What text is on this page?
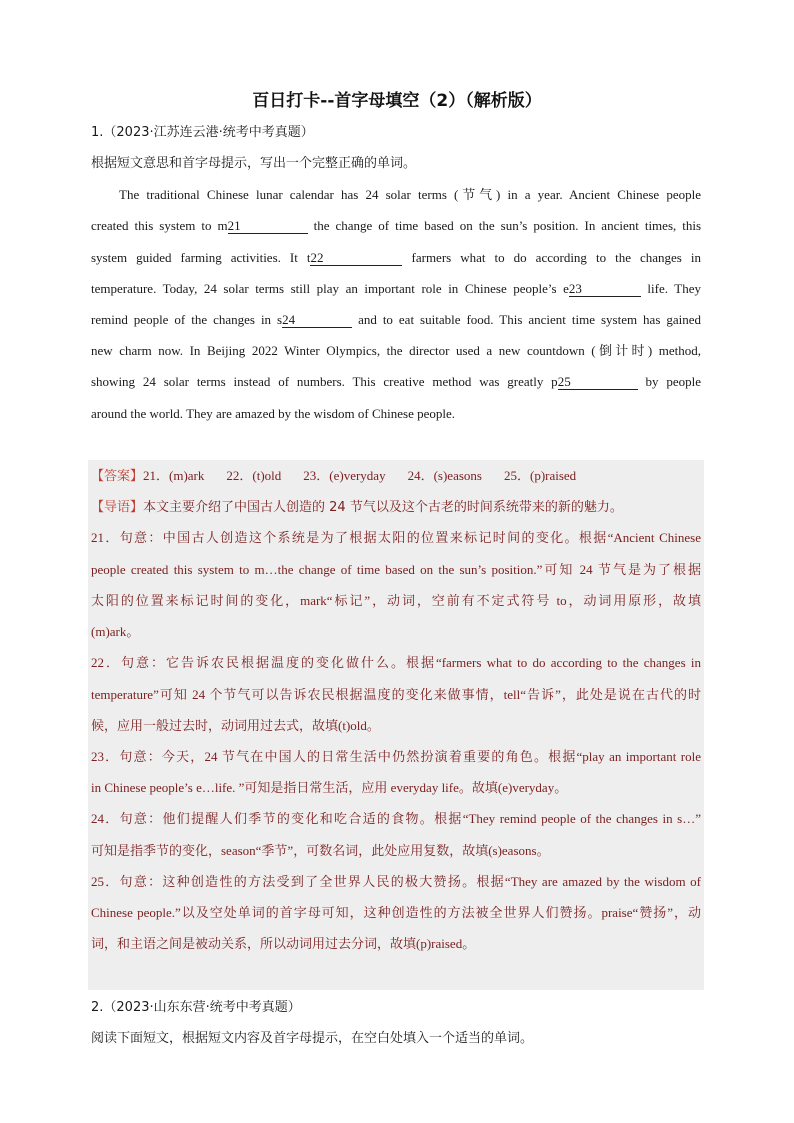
百日打卡--首字母填空（2）（解析版）
1.（2023·江苏连云港·统考中考真题）
根据短文意思和首字母提示，写出一个完整正确的单词。
The traditional Chinese lunar calendar has 24 solar terms (节气) in a year. Ancient Chinese people
created this system to m21	the change of time based on the sun’s position. In ancient times, this
system guided farming activities. It t22	farmers what to do according to the changes in
temperature. Today, 24 solar terms still play an important role in Chinese people’s e23	life. They
remind people of the changes in s24	and to eat suitable food. This ancient time system has gained
new charm now. In Beijing 2022 Winter Olympics, the director used a new countdown (倒计时) method,
showing 24 solar terms instead of numbers. This creative method was greatly p25	by people
around the world. They are amazed by the wisdom of Chinese people.
【答案】21．(m)ark 22．(t)old 23．(e)veryday 24．(s)easons 25．(p)raised
【导语】本文主要介绍了中国古人创造的 24 节气以及这个古老的时间系统带来的新的魅力。
21．句意：中国古人创造这个系统是为了根据太阳的位置来标记时间的变化。根据“Ancient Chinese
people created this system to m…the change of time based on the sun’s position.”可知 24 节气是为了根据
太阳的位置来标记时间的变化，mark“标记”，动词，空前有不定式符号 to，动词用原形，故填
(m)ark。
22．句意：它告诉农民根据温度的变化做什么。根据“farmers what to do according to the changes in
temperature”可知 24 个节气可以告诉农民根据温度的变化来做事情，tell“告诉”，此处是说在古代的时
候，应用一般过去时，动词用过去式，故填(t)old。
23．句意：今天，24 节气在中国人的日常生活中仍然扮演着重要的角色。根据“play an important role
in Chinese people’s e…life. ”可知是指日常生活，应用 everyday life。故填(e)veryday。
24．句意：他们提醒人们季节的变化和吃合适的食物。根据“They remind people of the changes in s…”
可知是指季节的变化，season“季节”，可数名词，此处应用复数，故填(s)easons。
25．句意：这种创造性的方法受到了全世界人民的极大赞扬。根据“They are amazed by the wisdom of
Chinese people.”以及空处单词的首字母可知，这种创造性的方法被全世界人们赞扬。praise“赞扬”，动
词，和主语之间是被动关系，所以动词用过去分词，故填(p)raised。
2.（2023·山东东营·统考中考真题）
阅读下面短文，根据短文内容及首字母提示，在空白处填入一个适当的单词。
